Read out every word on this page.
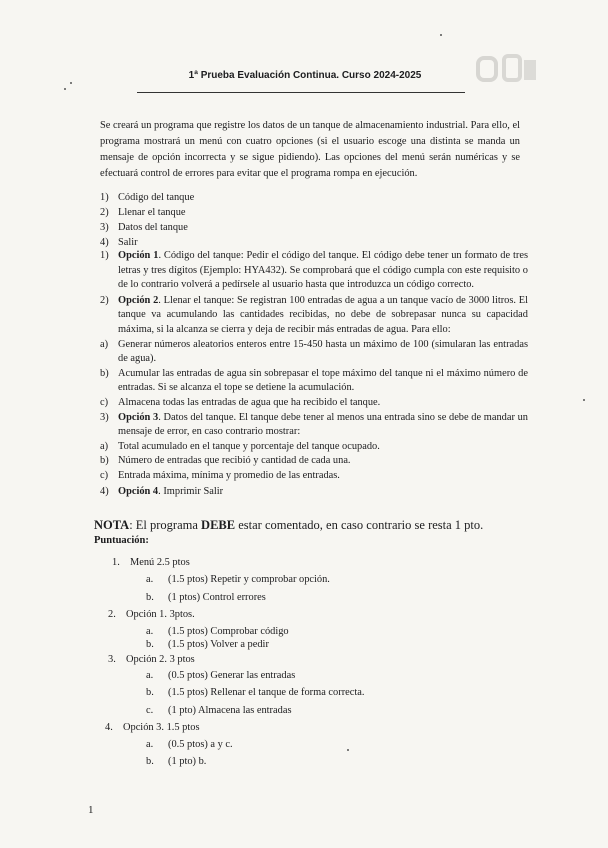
1ª Prueba Evaluación Continua. Curso 2024-2025
Se creará un programa que registre los datos de un tanque de almacenamiento industrial. Para ello, el programa mostrará un menú con cuatro opciones (si el usuario escoge una distinta se manda un mensaje de opción incorrecta y se sigue pidiendo). Las opciones del menú serán numéricas y se efectuará control de errores para evitar que el programa rompa en ejecución.
1) Código del tanque
2) Llenar el tanque
3) Datos del tanque
4) Salir
1) Opción 1. Código del tanque: Pedir el código del tanque. El código debe tener un formato de tres letras y tres dígitos (Ejemplo: HYA432). Se comprobará que el código cumpla con este requisito o de lo contrario volverá a pedírsele al usuario hasta que introduzca un código correcto.
2) Opción 2. Llenar el tanque: Se registran 100 entradas de agua a un tanque vacío de 3000 litros. El tanque va acumulando las cantidades recibidas, no debe de sobrepasar nunca su capacidad máxima, si la alcanza se cierra y deja de recibir más entradas de agua. Para ello:
a) Generar números aleatorios enteros entre 15-450 hasta un máximo de 100 (simularan las entradas de agua).
b) Acumular las entradas de agua sin sobrepasar el tope máximo del tanque ni el máximo número de entradas. Si se alcanza el tope se detiene la acumulación.
c) Almacena todas las entradas de agua que ha recibido el tanque.
3) Opción 3. Datos del tanque. El tanque debe tener al menos una entrada sino se debe de mandar un mensaje de error, en caso contrario mostrar:
a) Total acumulado en el tanque y porcentaje del tanque ocupado.
b) Número de entradas que recibió y cantidad de cada una.
c) Entrada máxima, mínima y promedio de las entradas.
4) Opción 4. Imprimir Salir
NOTA: El programa DEBE estar comentado, en caso contrario se resta 1 pto.
Puntuación:
1. Menú 2.5 ptos
a. (1.5 ptos) Repetir y comprobar opción.
b. (1 ptos) Control errores
2. Opción 1. 3ptos.
a. (1.5 ptos) Comprobar código
b. (1.5 ptos) Volver a pedir
3. Opción 2. 3 ptos
a. (0.5 ptos) Generar las entradas
b. (1.5 ptos) Rellenar el tanque de forma correcta.
c. (1 pto) Almacena las entradas
4. Opción 3. 1.5 ptos
a. (0.5 ptos) a y c.
b. (1 pto) b.
1
